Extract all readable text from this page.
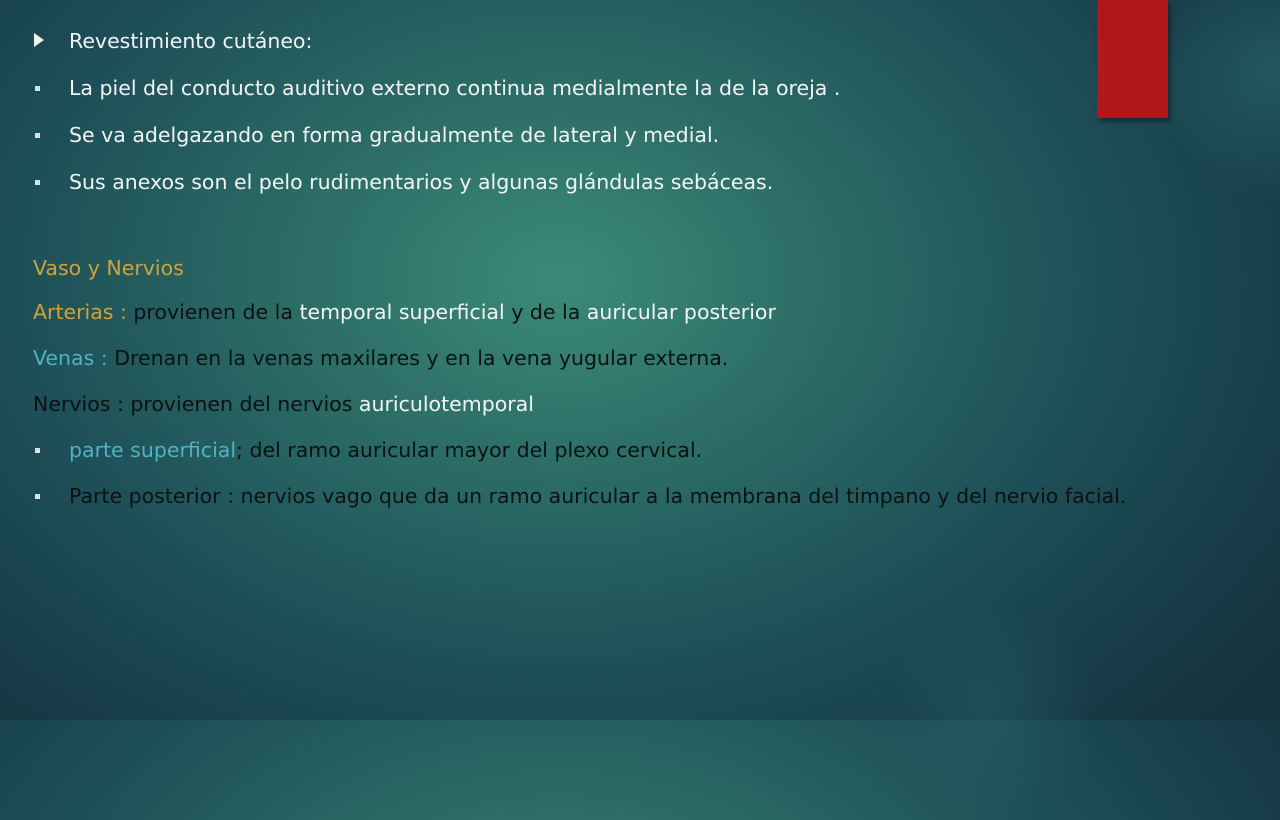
Revestimiento cutáneo:
La piel del conducto auditivo externo continua medialmente la de la oreja .
Se va adelgazando en forma gradualmente de lateral y medial.
Sus anexos son el pelo rudimentarios y algunas glándulas sebáceas.
Vaso y Nervios
Arterias : provienen de la temporal superficial y de la auricular posterior
Venas : Drenan en la venas maxilares y en la vena yugular externa.
Nervios : provienen del nervios auriculotemporal
parte superficial; del ramo auricular mayor del plexo cervical.
Parte posterior : nervios vago que da un ramo auricular a la membrana del timpano y del nervio facial.
